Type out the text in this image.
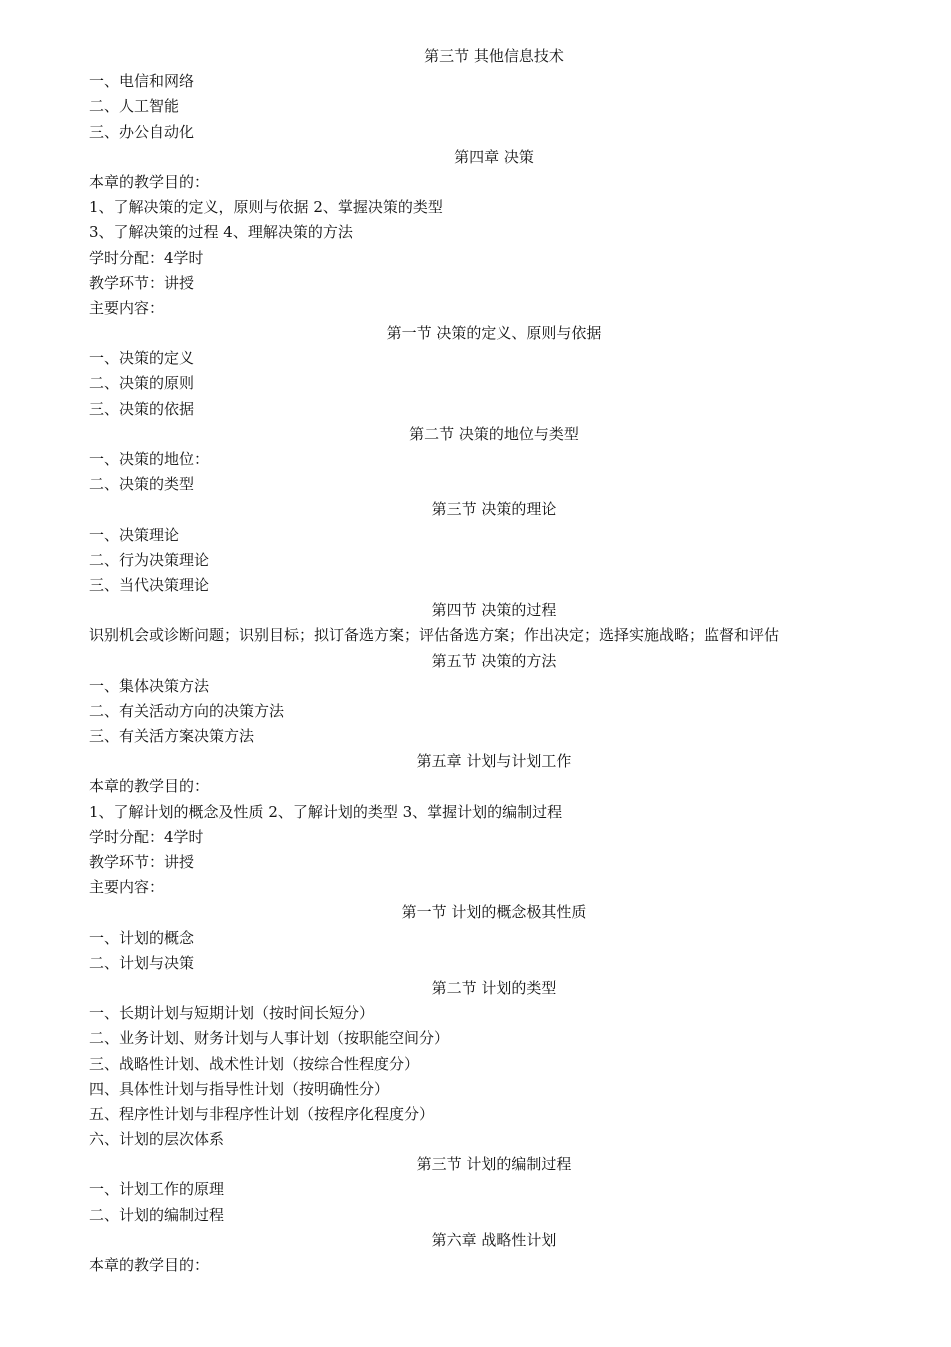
第三节 其他信息技术
一、电信和网络
二、人工智能
三、办公自动化
第四章 决策
本章的教学目的：
1、了解决策的定义，原则与依据 2、掌握决策的类型
3、了解决策的过程 4、理解决策的方法
学时分配：4学时
教学环节：讲授
主要内容：
第一节 决策的定义、原则与依据
一、决策的定义
二、决策的原则
三、决策的依据
第二节 决策的地位与类型
一、决策的地位：
二、决策的类型
第三节 决策的理论
一、决策理论
二、行为决策理论
三、当代决策理论
第四节 决策的过程
识别机会或诊断问题；识别目标；拟订备选方案；评估备选方案；作出决定；选择实施战略；监督和评估
第五节 决策的方法
一、集体决策方法
二、有关活动方向的决策方法
三、有关活方案决策方法
第五章 计划与计划工作
本章的教学目的：
1、了解计划的概念及性质 2、了解计划的类型 3、掌握计划的编制过程
学时分配：4学时
教学环节：讲授
主要内容：
第一节 计划的概念极其性质
一、计划的概念
二、计划与决策
第二节 计划的类型
一、长期计划与短期计划（按时间长短分）
二、业务计划、财务计划与人事计划（按职能空间分）
三、战略性计划、战术性计划（按综合性程度分）
四、具体性计划与指导性计划（按明确性分）
五、程序性计划与非程序性计划（按程序化程度分）
六、计划的层次体系
第三节 计划的编制过程
一、计划工作的原理
二、计划的编制过程
第六章 战略性计划
本章的教学目的：
